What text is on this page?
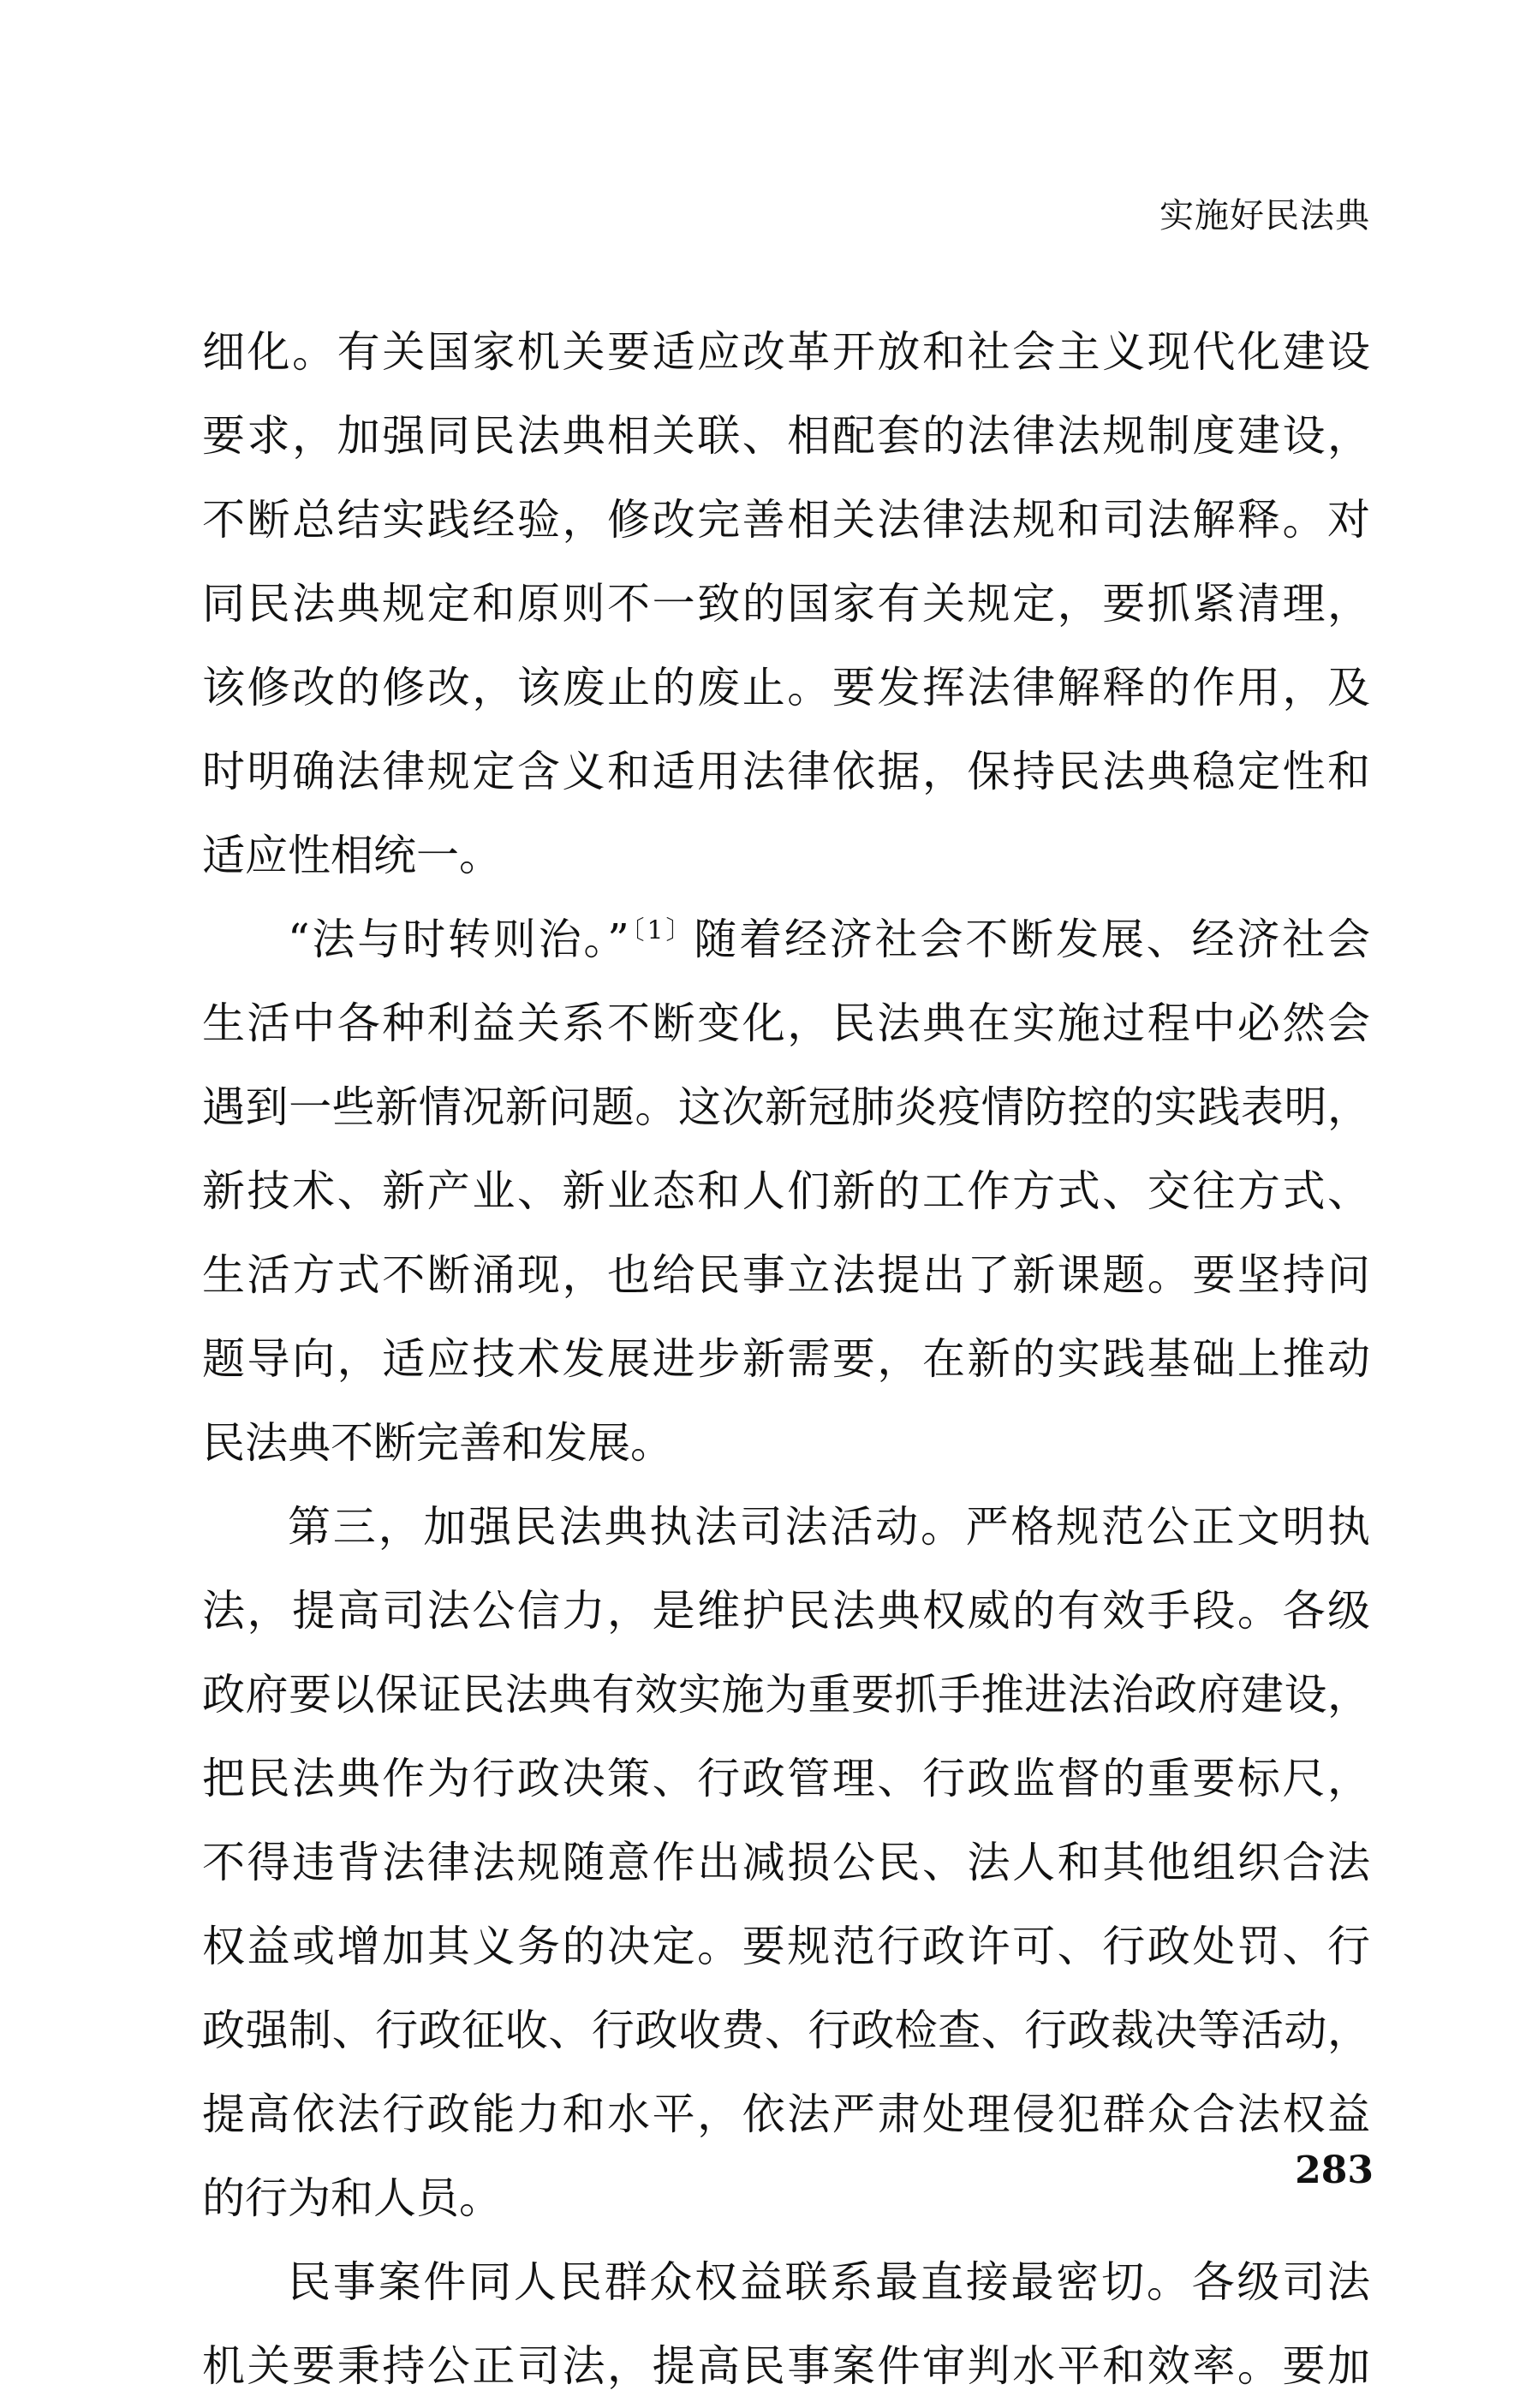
实施好民法典
细化。有关国家机关要适应改革开放和社会主义现代化建设
要求，加强同民法典相关联、相配套的法律法规制度建设，
不断总结实践经验，修改完善相关法律法规和司法解释。对
同民法典规定和原则不一致的国家有关规定，要抓紧清理，
该修改的修改，该废止的废止。要发挥法律解释的作用，及
时明确法律规定含义和适用法律依据，保持民法典稳定性和
适应性相统一。
“法与时转则治。”$^{〔1〕}$随着经济社会不断发展、经济社会
生活中各种利益关系不断变化，民法典在实施过程中必然会
遇到一些新情况新问题。这次新冠肺炎疫情防控的实践表明，
新技术、新产业、新业态和人们新的工作方式、交往方式、
生活方式不断涌现，也给民事立法提出了新课题。要坚持问
题导向，适应技术发展进步新需要，在新的实践基础上推动
民法典不断完善和发展。
第三，加强民法典执法司法活动。严格规范公正文明执
法，提高司法公信力，是维护民法典权威的有效手段。各级
政府要以保证民法典有效实施为重要抓手推进法治政府建设，
把民法典作为行政决策、行政管理、行政监督的重要标尺，
不得违背法律法规随意作出减损公民、法人和其他组织合法
权益或增加其义务的决定。要规范行政许可、行政处罚、行
政强制、行政征收、行政收费、行政检查、行政裁决等活动，
提高依法行政能力和水平，依法严肃处理侵犯群众合法权益
的行为和人员。
民事案件同人民群众权益联系最直接最密切。各级司法
机关要秉持公正司法，提高民事案件审判水平和效率。要加
283
